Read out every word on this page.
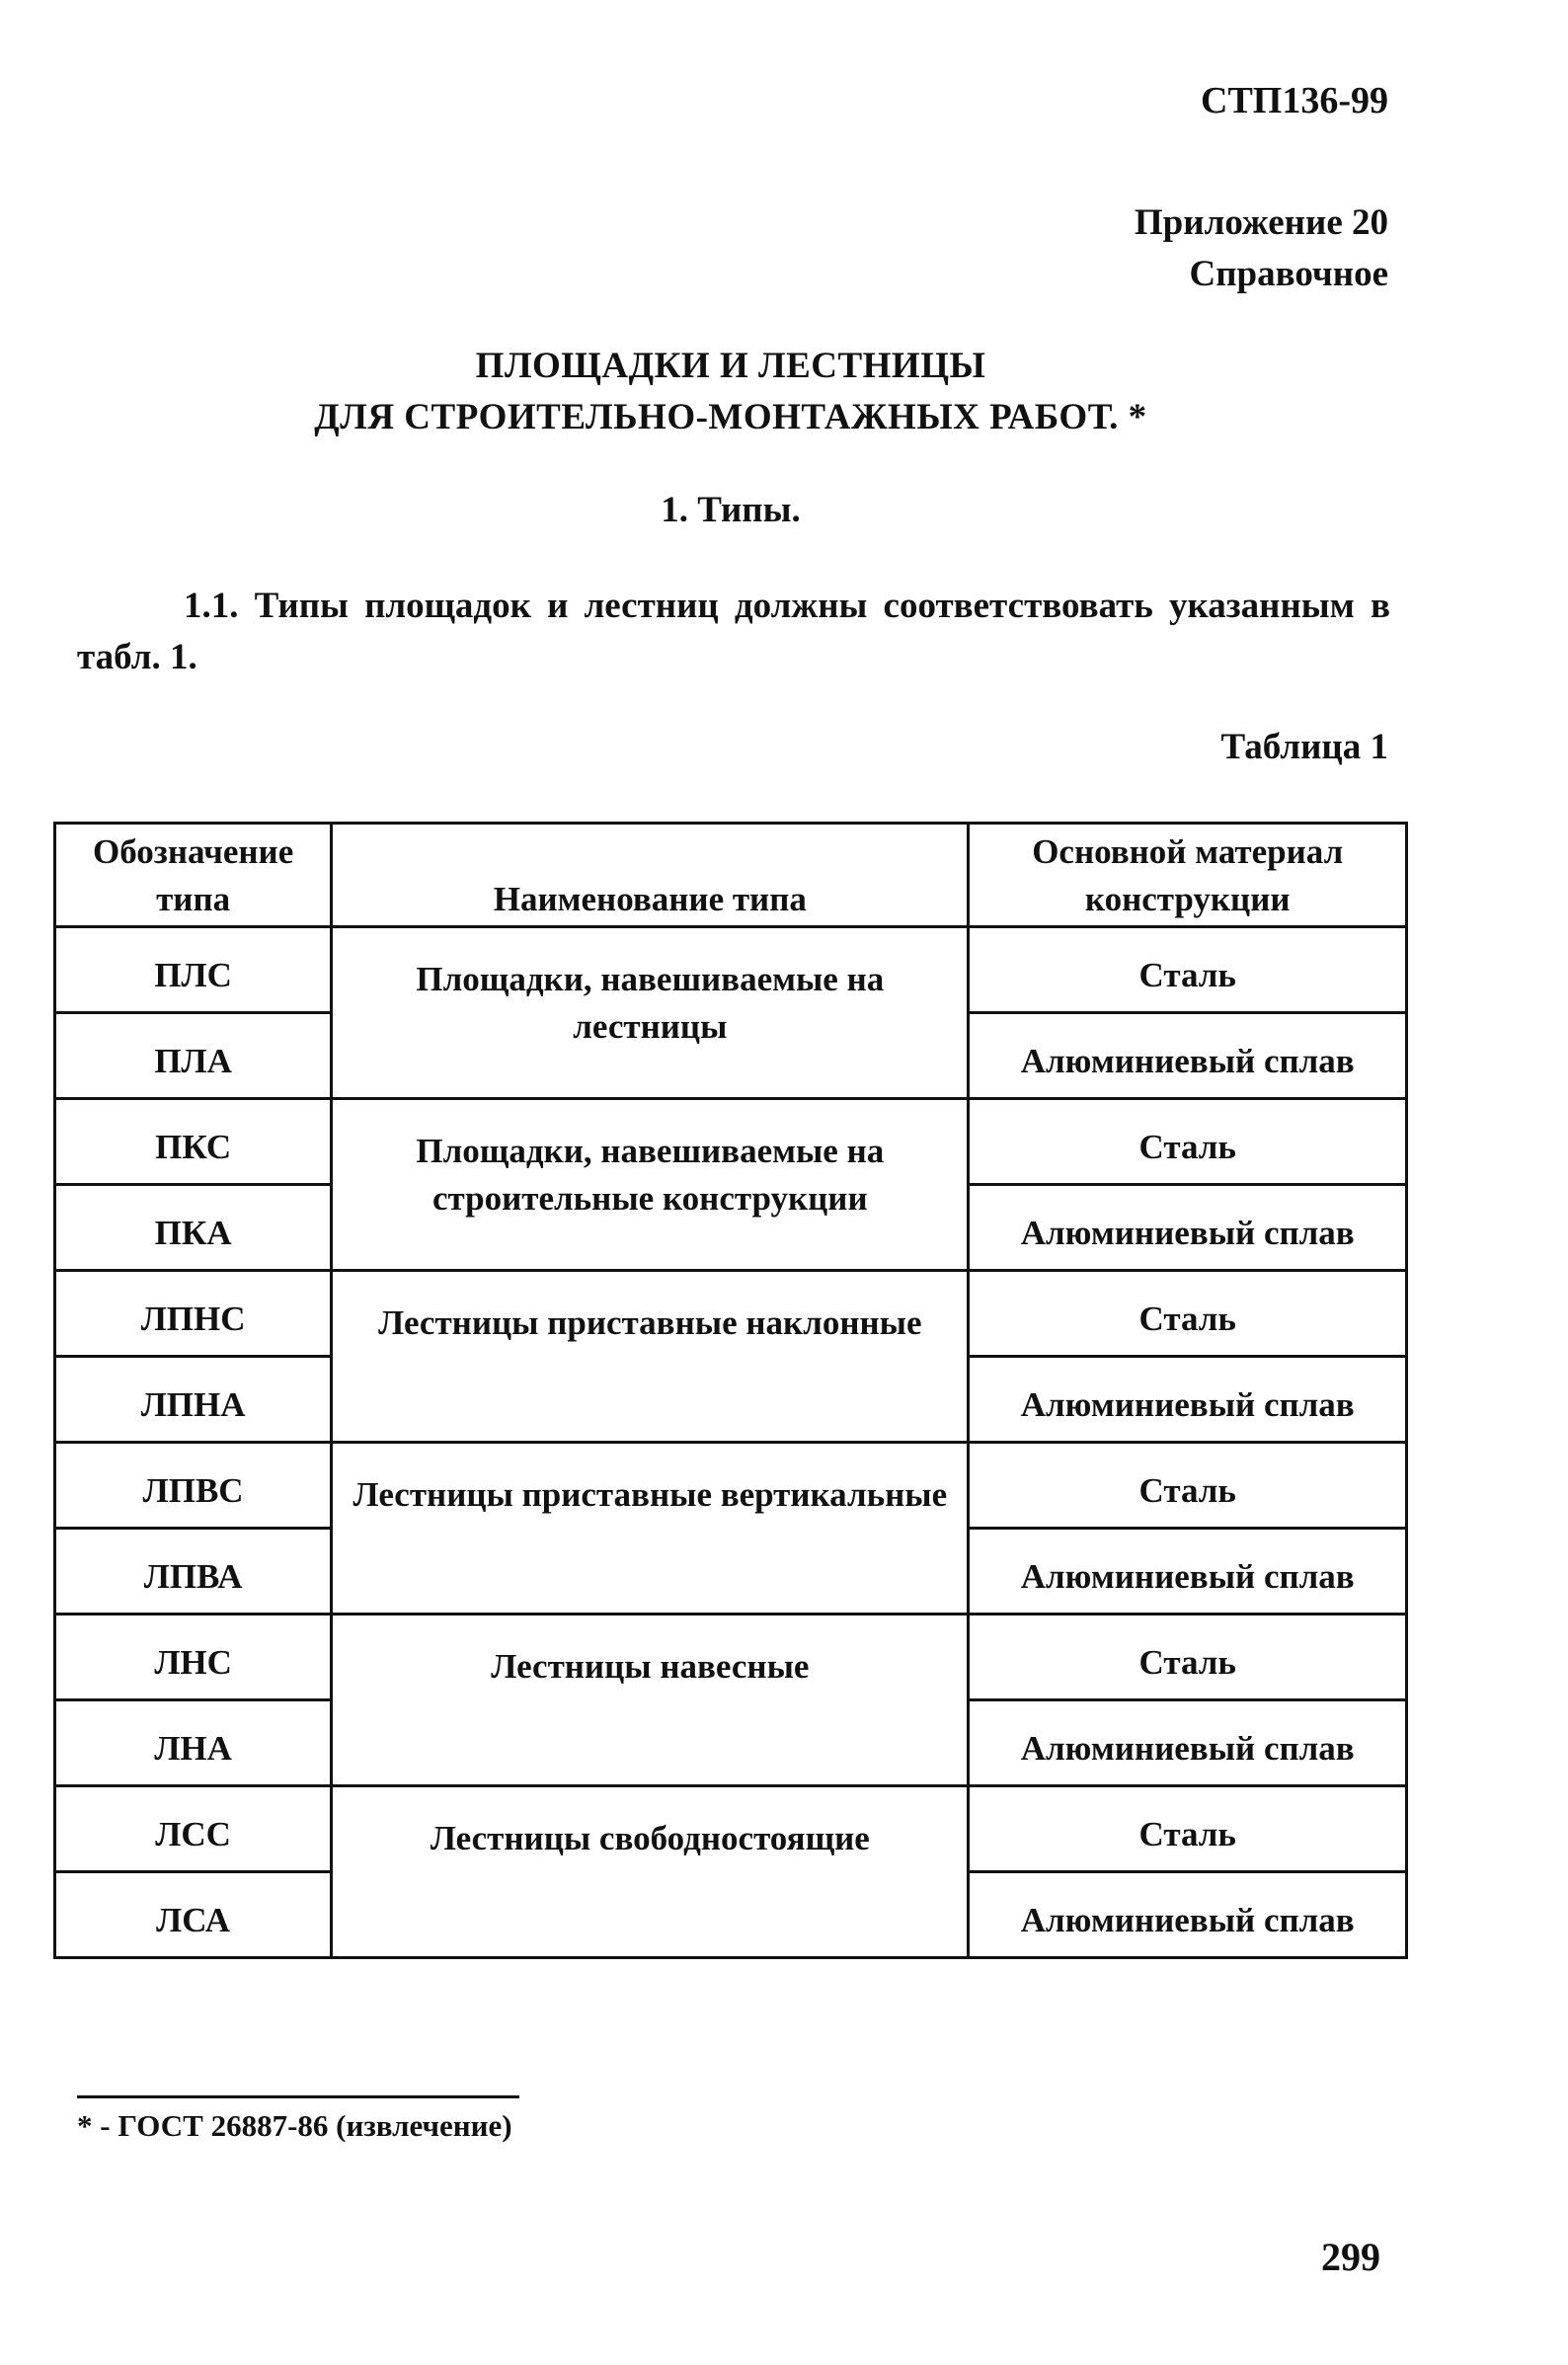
СТП136-99
Приложение 20
Справочное
ПЛОЩАДКИ И ЛЕСТНИЦЫ
ДЛЯ СТРОИТЕЛЬНО-МОНТАЖНЫХ РАБОТ. *
1. Типы.
1.1. Типы площадок и лестниц должны соответствовать указанным в табл. 1.
Таблица 1
Обозначение типа	Наименование типа	Основной материал конструкции
ПЛС	Площадки, навешиваемые на лестницы	Сталь
ПЛА		Алюминиевый сплав
ПКС	Площадки, навешиваемые на строительные конструкции	Сталь
ПКА		Алюминиевый сплав
ЛПНС	Лестницы приставные наклонные	Сталь
ЛПНА		Алюминиевый сплав
ЛПВС	Лестницы приставные вертикальные	Сталь
ЛПВА		Алюминиевый сплав
ЛНС	Лестницы навесные	Сталь
ЛНА		Алюминиевый сплав
ЛСС	Лестницы свободностоящие	Сталь
ЛСА		Алюминиевый сплав
* - ГОСТ 26887-86 (извлечение)
299
